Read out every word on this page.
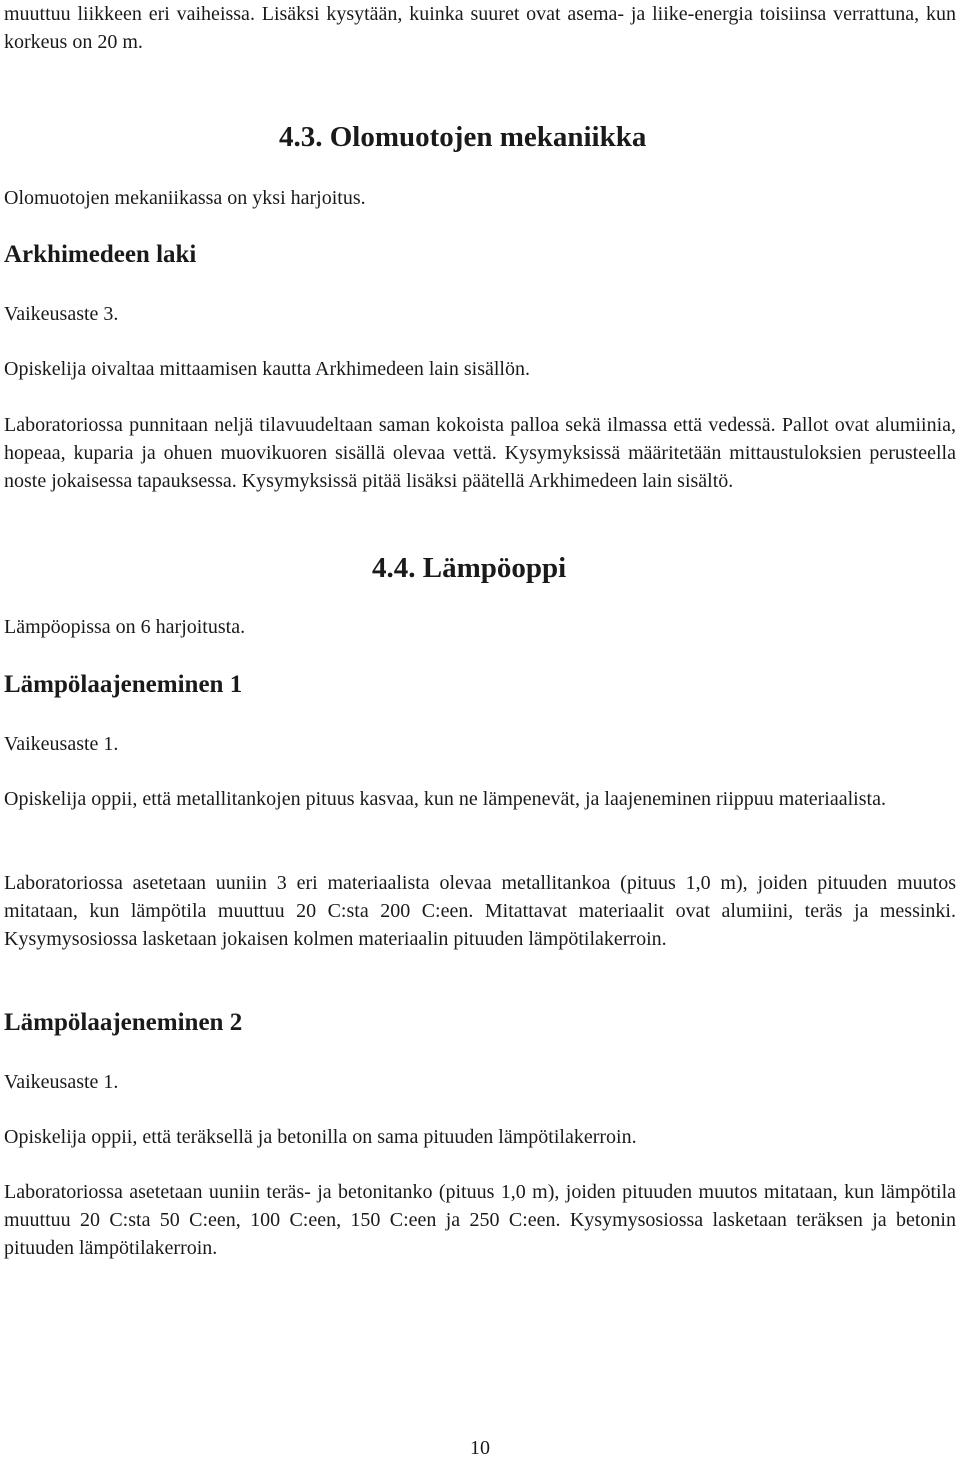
muuttuu liikkeen eri vaiheissa. Lisäksi kysytään, kuinka suuret ovat asema- ja liike-energia toisiinsa verrattuna, kun korkeus on 20 m.

4.3. Olomuotojen mekaniikka

Olomuotojen mekaniikassa on yksi harjoitus.

Arkhimedeen laki

Vaikeusaste 3.

Opiskelija oivaltaa mittaamisen kautta Arkhimedeen lain sisällön.

Laboratoriossa punnitaan neljä tilavuudeltaan saman kokoista palloa sekä ilmassa että vedessä. Pallot ovat alumiinia, hopeaa, kuparia ja ohuen muovikuoren sisällä olevaa vettä. Kysymyksissä määritetään mittaustuloksien perusteella noste jokaisessa tapauksessa. Kysymyksissä pitää lisäksi päätellä Arkhimedeen lain sisältö.

4.4. Lämpöoppi

Lämpöopissa on 6 harjoitusta.

Lämpölaajeneminen 1

Vaikeusaste 1.

Opiskelija oppii, että metallitankojen pituus kasvaa, kun ne lämpenevät, ja laajeneminen riippuu materiaalista.

Laboratoriossa asetetaan uuniin 3 eri materiaalista olevaa metallitankoa (pituus 1,0 m), joiden pituuden muutos mitataan, kun lämpötila muuttuu 20 C:sta 200 C:een. Mitattavat materiaalit ovat alumiini, teräs ja messinki. Kysymysosiossa lasketaan jokaisen kolmen materiaalin pituuden lämpötilakerroin.

Lämpölaajeneminen 2

Vaikeusaste 1.

Opiskelija oppii, että teräksellä ja betonilla on sama pituuden lämpötilakerroin.

Laboratoriossa asetetaan uuniin teräs- ja betonitanko (pituus 1,0 m), joiden pituuden muutos mitataan, kun lämpötila muuttuu 20 C:sta 50 C:een, 100 C:een, 150 C:een ja 250 C:een. Kysymysosiossa lasketaan teräksen ja betonin pituuden lämpötilakerroin.

10
